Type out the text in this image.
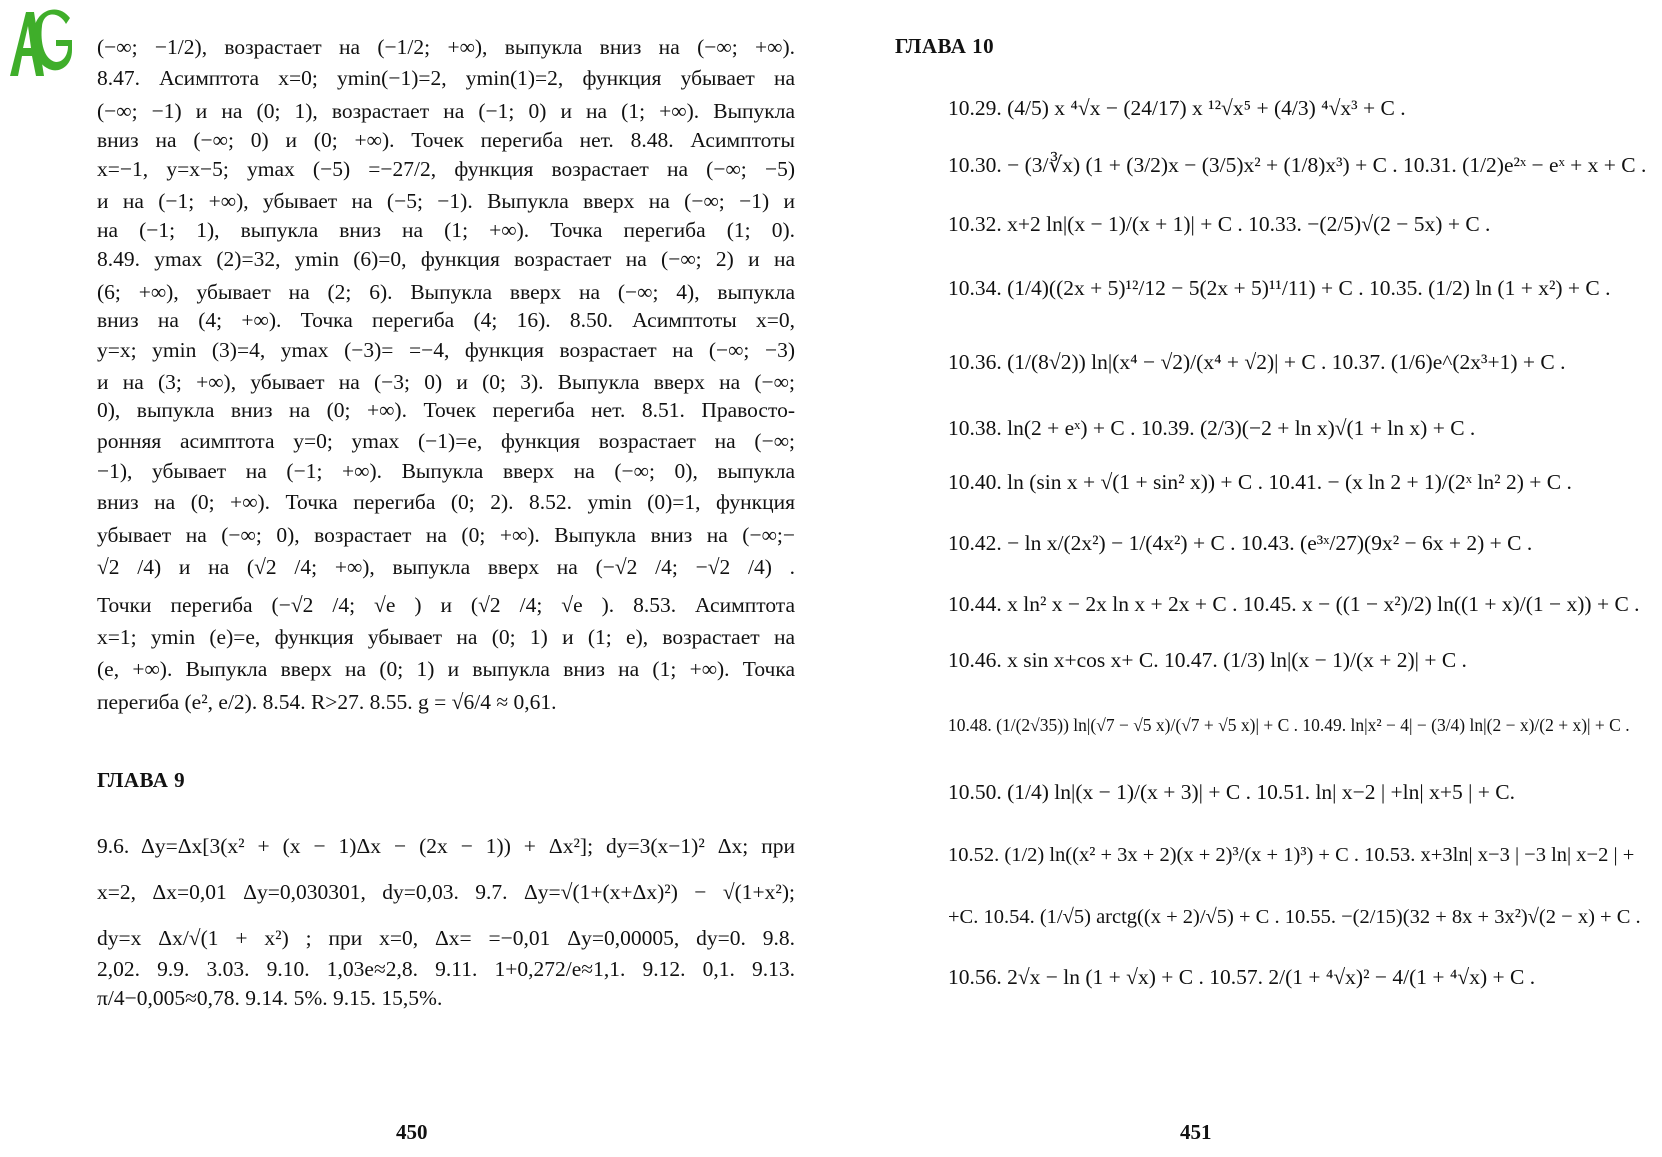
(−∞; −1/2), возрастает на (−1/2; +∞), выпукла вниз на (−∞; +∞).
8.47. Асимптота x=0; ymin(−1)=2, ymin(1)=2, функция убывает на
(−∞; −1) и на (0; 1), возрастает на (−1; 0) и на (1; +∞). Выпукла
вниз на (−∞; 0) и (0; +∞). Точек перегиба нет. 8.48. Асимптоты
x=−1, y=x−5; ymax (−5) =−27/2, функция возрастает на (−∞; −5)
и на (−1; +∞), убывает на (−5; −1). Выпукла вверх на (−∞; −1) и
на (−1; 1), выпукла вниз на (1; +∞). Точка перегиба (1; 0).
8.49. ymax (2)=32, ymin (6)=0, функция возрастает на (−∞; 2) и на
(6; +∞), убывает на (2; 6). Выпукла вверх на (−∞; 4), выпукла
вниз на (4; +∞). Точка перегиба (4; 16). 8.50. Асимптоты x=0,
y=x; ymin (3)=4, ymax (−3)= =−4, функция возрастает на (−∞; −3)
и на (3; +∞), убывает на (−3; 0) и (0; 3). Выпукла вверх на (−∞;
0), выпукла вниз на (0; +∞). Точек перегиба нет. 8.51. Правосто-
ронняя асимптота y=0; ymax (−1)=e, функция возрастает на (−∞;
−1), убывает на (−1; +∞). Выпукла вверх на (−∞; 0), выпукла
вниз на (0; +∞). Точка перегиба (0; 2). 8.52. ymin (0)=1, функция
убывает на (−∞; 0), возрастает на (0; +∞). Выпукла вниз на (−∞;−
√2 /4) и на (√2 /4; +∞), выпукла вверх на (−√2 /4; −√2 /4) .
Точки перегиба (−√2 /4; √e ) и (√2 /4; √e ). 8.53. Асимптота
x=1; ymin (e)=e, функция убывает на (0; 1) и (1; e), возрастает на
(e, +∞). Выпукла вверх на (0; 1) и выпукла вниз на (1; +∞). Точка
перегиба (e², e/2). 8.54. R>27. 8.55. g = √6/4 ≈ 0,61.
ГЛАВА 9
9.6. Δy=Δx[3(x² + (x − 1)Δx − (2x − 1)) + Δx²]; dy=3(x−1)² Δx; при
x=2, Δx=0,01 Δy=0,030301, dy=0,03. 9.7. Δy=√(1+(x+Δx)²) − √(1+x²);
dy=x Δx/√(1 + x²) ; при x=0, Δx= =−0,01 Δy=0,00005, dy=0. 9.8.
2,02. 9.9. 3.03. 9.10. 1,03e≈2,8. 9.11. 1+0,272/e≈1,1. 9.12. 0,1. 9.13.
π/4−0,005≈0,78. 9.14. 5%. 9.15. 15,5%.
450
ГЛАВА 10
10.29. (4/5) x ⁴√x − (24/17) x ¹²√x⁵ + (4/3) ⁴√x³ + C .
10.30. − (3/∛x) (1 + (3/2)x − (3/5)x² + (1/8)x³) + C . 10.31. (1/2)e²ˣ − eˣ + x + C .
10.32. x+2 ln|(x − 1)/(x + 1)| + C . 10.33. −(2/5)√(2 − 5x) + C .
10.34. (1/4)((2x + 5)¹²/12 − 5(2x + 5)¹¹/11) + C . 10.35. (1/2) ln (1 + x²) + C .
10.36. (1/(8√2)) ln|(x⁴ − √2)/(x⁴ + √2)| + C . 10.37. (1/6)e^(2x³+1) + C .
10.38. ln(2 + eˣ) + C . 10.39. (2/3)(−2 + ln x)√(1 + ln x) + C .
10.40. ln (sin x + √(1 + sin² x)) + C . 10.41. − (x ln 2 + 1)/(2ˣ ln² 2) + C .
10.42. − ln x/(2x²) − 1/(4x²) + C . 10.43. (e³ˣ/27)(9x² − 6x + 2) + C .
10.44. x ln² x − 2x ln x + 2x + C . 10.45. x − ((1 − x²)/2) ln((1 + x)/(1 − x)) + C .
10.46. x sin x+cos x+ C. 10.47. (1/3) ln|(x − 1)/(x + 2)| + C .
10.48. (1/(2√35)) ln|(√7 − √5 x)/(√7 + √5 x)| + C . 10.49. ln|x² − 4| − (3/4) ln|(2 − x)/(2 + x)| + C .
10.50. (1/4) ln|(x − 1)/(x + 3)| + C . 10.51. ln| x−2 | +ln| x+5 | + C.
10.52. (1/2) ln((x² + 3x + 2)(x + 2)³/(x + 1)³) + C . 10.53. x+3ln| x−3 | −3 ln| x−2 | +
+C. 10.54. (1/√5) arctg((x + 2)/√5) + C . 10.55. −(2/15)(32 + 8x + 3x²)√(2 − x) + C .
10.56. 2√x − ln (1 + √x) + C . 10.57. 2/(1 + ⁴√x)² − 4/(1 + ⁴√x) + C .
451
